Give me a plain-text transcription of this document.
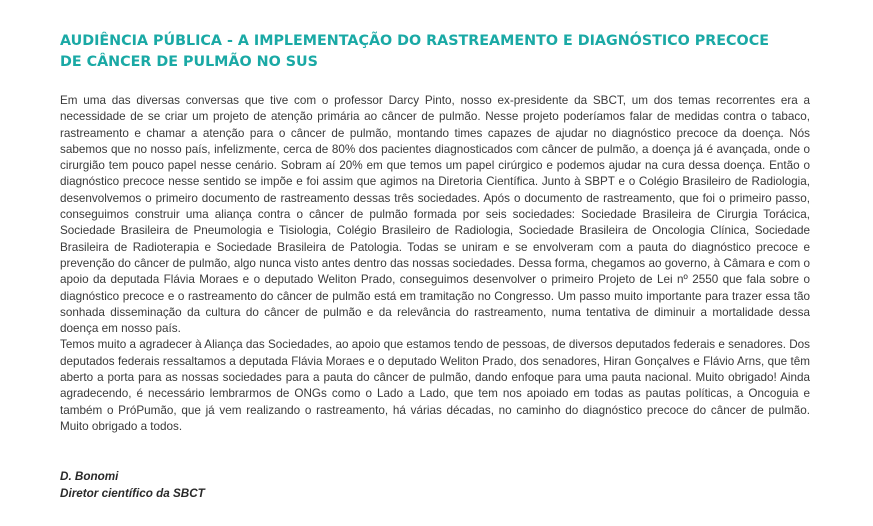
AUDIÊNCIA PÚBLICA - A IMPLEMENTAÇÃO DO RASTREAMENTO E DIAGNÓSTICO PRECOCE
DE CÂNCER DE PULMÃO NO SUS

Em uma das diversas conversas que tive com o professor Darcy Pinto, nosso ex-presidente da SBCT, um dos temas recorrentes era a necessidade de se criar um projeto de atenção primária ao câncer de pulmão. Nesse projeto poderíamos falar de medidas contra o tabaco, rastreamento e chamar a atenção para o câncer de pulmão, montando times capazes de ajudar no diagnóstico precoce da doença. Nós sabemos que no nosso país, infelizmente, cerca de 80% dos pacientes diagnosticados com câncer de pulmão, a doença já é avançada, onde o cirurgião tem pouco papel nesse cenário. Sobram aí 20% em que temos um papel cirúrgico e podemos ajudar na cura dessa doença. Então o diagnóstico precoce nesse sentido se impõe e foi assim que agimos na Diretoria Científica. Junto à SBPT e o Colégio Brasileiro de Radiologia, desenvolvemos o primeiro documento de rastreamento dessas três sociedades. Após o documento de rastreamento, que foi o primeiro passo, conseguimos construir uma aliança contra o câncer de pulmão formada por seis sociedades: Sociedade Brasileira de Cirurgia Torácica, Sociedade Brasileira de Pneumologia e Tisiologia, Colégio Brasileiro de Radiologia, Sociedade Brasileira de Oncologia Clínica, Sociedade Brasileira de Radioterapia e Sociedade Brasileira de Patologia. Todas se uniram e se envolveram com a pauta do diagnóstico precoce e prevenção do câncer de pulmão, algo nunca visto antes dentro das nossas sociedades. Dessa forma, chegamos ao governo, à Câmara e com o apoio da deputada Flávia Moraes e o deputado Weliton Prado, conseguimos desenvolver o primeiro Projeto de Lei nº 2550 que fala sobre o diagnóstico precoce e o rastreamento do câncer de pulmão está em tramitação no Congresso. Um passo muito importante para trazer essa tão sonhada disseminação da cultura do câncer de pulmão e da relevância do rastreamento, numa tentativa de diminuir a mortalidade dessa doença em nosso país.

Temos muito a agradecer à Aliança das Sociedades, ao apoio que estamos tendo de pessoas, de diversos deputados federais e senadores. Dos deputados federais ressaltamos a deputada Flávia Moraes e o deputado Weliton Prado, dos senadores, Hiran Gonçalves e Flávio Arns, que têm aberto a porta para as nossas sociedades para a pauta do câncer de pulmão, dando enfoque para uma pauta nacional. Muito obrigado! Ainda agradecendo, é necessário lembrarmos de ONGs como o Lado a Lado, que tem nos apoiado em todas as pautas políticas, a Oncoguia e também o PróPumão, que já vem realizando o rastreamento, há várias décadas, no caminho do diagnóstico precoce do câncer de pulmão. Muito obrigado a todos.

D. Bonomi
Diretor científico da SBCT
